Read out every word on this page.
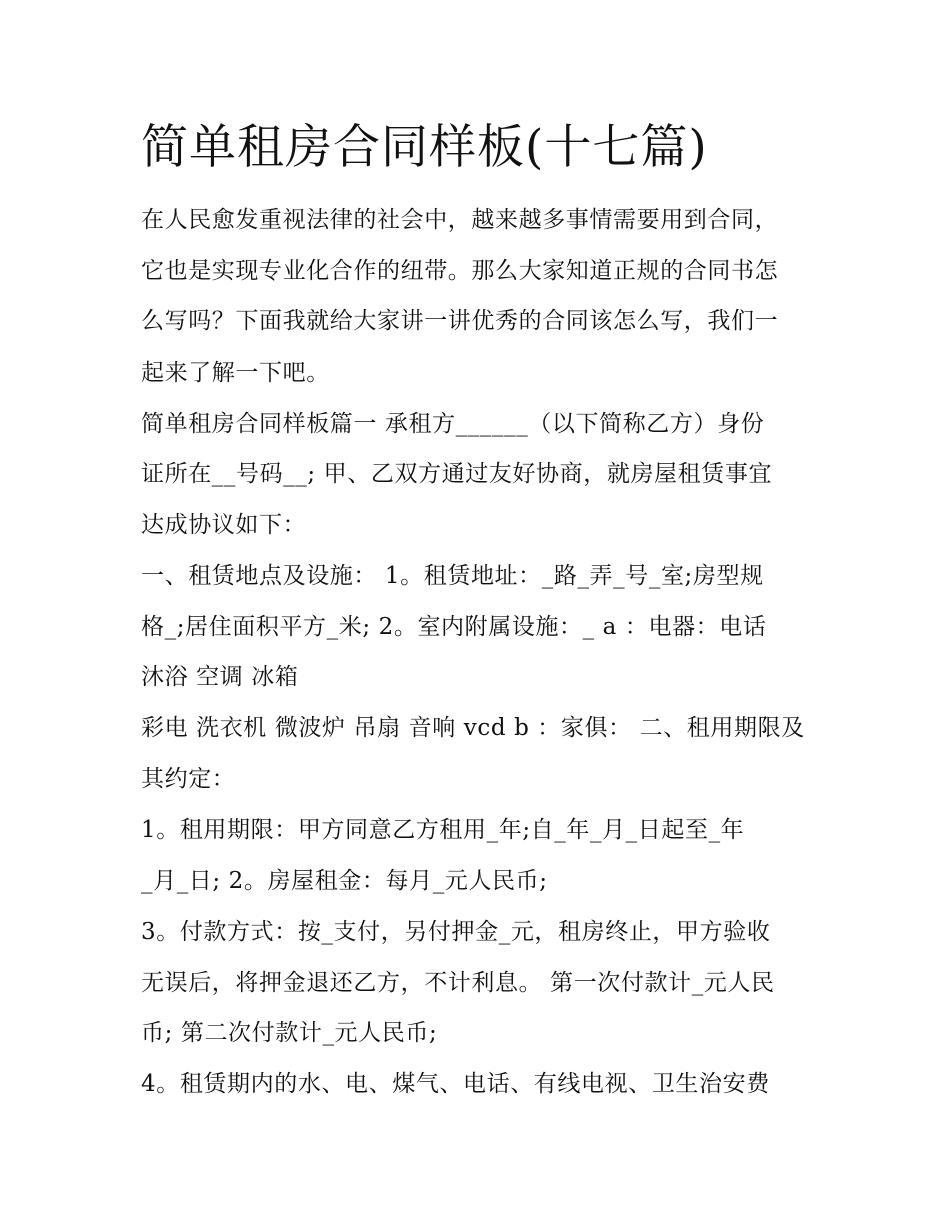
简单租房合同样板(十七篇)
在人民愈发重视法律的社会中，越来越多事情需要用到合同，
它也是实现专业化合作的纽带。那么大家知道正规的合同书怎
么写吗？下面我就给大家讲一讲优秀的合同该怎么写，我们一
起来了解一下吧。
简单租房合同样板篇一 承租方______（以下简称乙方）身份
证所在__号码__; 甲、乙双方通过友好协商，就房屋租赁事宜
达成协议如下：
一、租赁地点及设施： 1。租赁地址：_路_弄_号_室;房型规
格_;居住面积平方_米; 2。室内附属设施：_ a ：电器：电话
沐浴 空调 冰箱
彩电 洗衣机 微波炉 吊扇 音响 vcd b ：家俱： 二、租用期限及
其约定：
1。租用期限：甲方同意乙方租用_年;自_年_月_日起至_年
_月_日; 2。房屋租金：每月_元人民币;
3。付款方式：按_支付，另付押金_元，租房终止，甲方验收
无误后，将押金退还乙方，不计利息。 第一次付款计_元人民
币; 第二次付款计_元人民币;
4。租赁期内的水、电、煤气、电话、有线电视、卫生治安费
